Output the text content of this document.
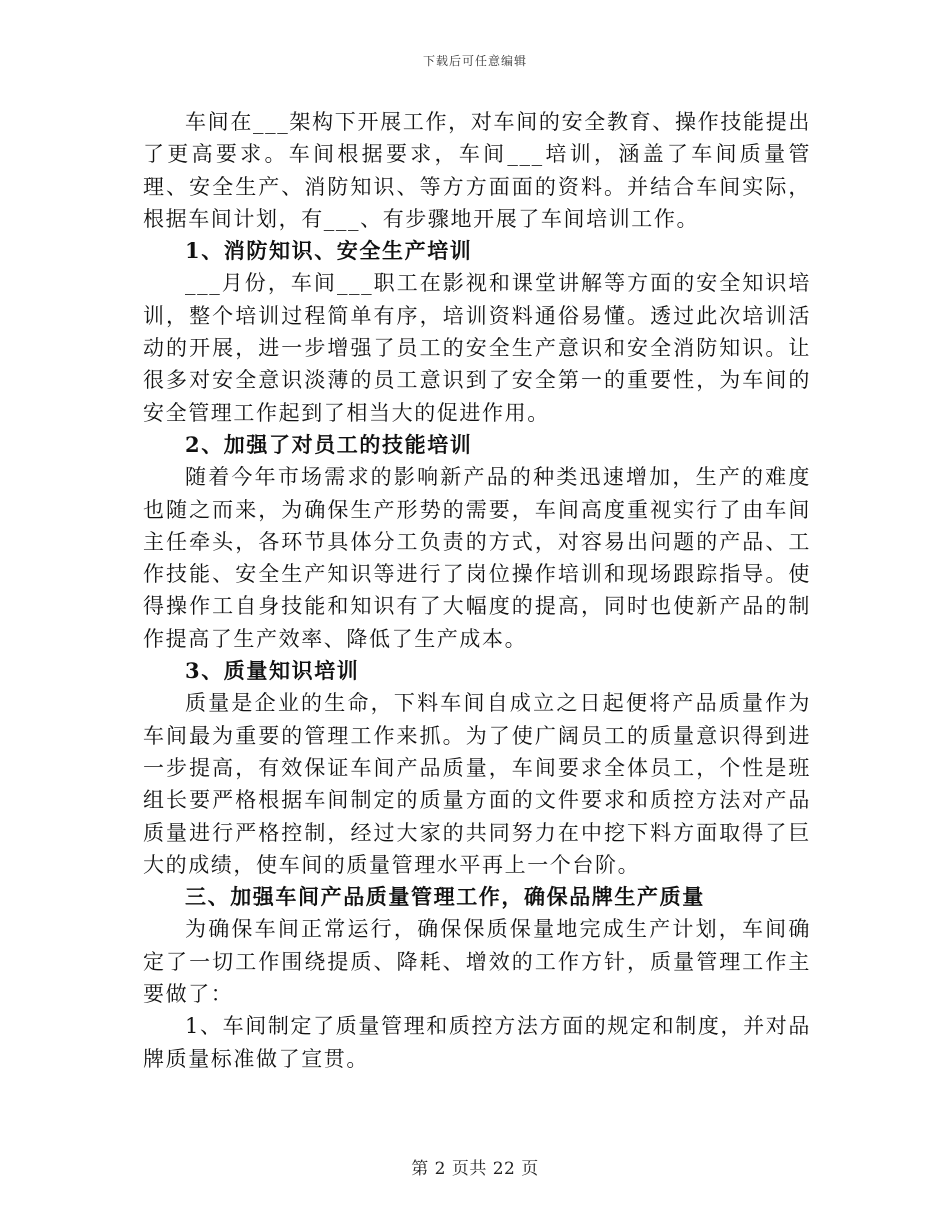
下载后可任意编辑

车间在___架构下开展工作，对车间的安全教育、操作技能提出了更高要求。车间根据要求，车间___培训，涵盖了车间质量管理、安全生产、消防知识、等方方面面的资料。并结合车间实际，根据车间计划，有___、有步骤地开展了车间培训工作。

1、消防知识、安全生产培训

___月份，车间___职工在影视和课堂讲解等方面的安全知识培训，整个培训过程简单有序，培训资料通俗易懂。透过此次培训活动的开展，进一步增强了员工的安全生产意识和安全消防知识。让很多对安全意识淡薄的员工意识到了安全第一的重要性，为车间的安全管理工作起到了相当大的促进作用。

2、加强了对员工的技能培训

随着今年市场需求的影响新产品的种类迅速增加，生产的难度也随之而来，为确保生产形势的需要，车间高度重视实行了由车间主任牵头，各环节具体分工负责的方式，对容易出问题的产品、工作技能、安全生产知识等进行了岗位操作培训和现场跟踪指导。使得操作工自身技能和知识有了大幅度的提高，同时也使新产品的制作提高了生产效率、降低了生产成本。

3、质量知识培训

质量是企业的生命，下料车间自成立之日起便将产品质量作为车间最为重要的管理工作来抓。为了使广阔员工的质量意识得到进一步提高，有效保证车间产品质量，车间要求全体员工，个性是班组长要严格根据车间制定的质量方面的文件要求和质控方法对产品质量进行严格控制，经过大家的共同努力在中挖下料方面取得了巨大的成绩，使车间的质量管理水平再上一个台阶。

三、加强车间产品质量管理工作，确保品牌生产质量

为确保车间正常运行，确保保质保量地完成生产计划，车间确定了一切工作围绕提质、降耗、增效的工作方针，质量管理工作主要做了：

1、车间制定了质量管理和质控方法方面的规定和制度，并对品牌质量标准做了宣贯。

第 2 页共 22 页
